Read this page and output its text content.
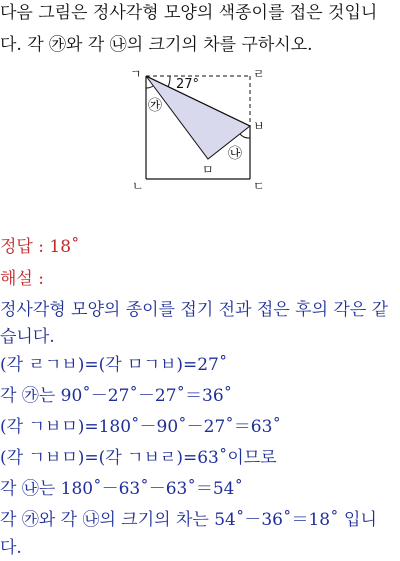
다음 그림은 정사각형 모양의 색종이를 접은 것입니
다. 각 ㉮와 각 ㉯의 크기의 차를 구하시오.
27°
ㄱ	ㄹ
ㅂ
ㄴ	ㄷ
ㅁ
㉮
㉯
정답 : 18˚
해설 :
정사각형 모양의 종이를 접기 전과 접은 후의 각은 같
습니다.
(각 ㄹㄱㅂ)=(각 ㅁㄱㅂ)=27˚
각 ㉮는 90˚－27˚－27˚＝36˚
(각 ㄱㅂㅁ)=180˚－90˚－27˚＝63˚
(각 ㄱㅂㅁ)=(각 ㄱㅂㄹ)=63˚이므로
각 ㉯는 180˚－63˚－63˚＝54˚
각 ㉮와 각 ㉯의 크기의 차는 54˚－36˚＝18˚ 입니
다.
